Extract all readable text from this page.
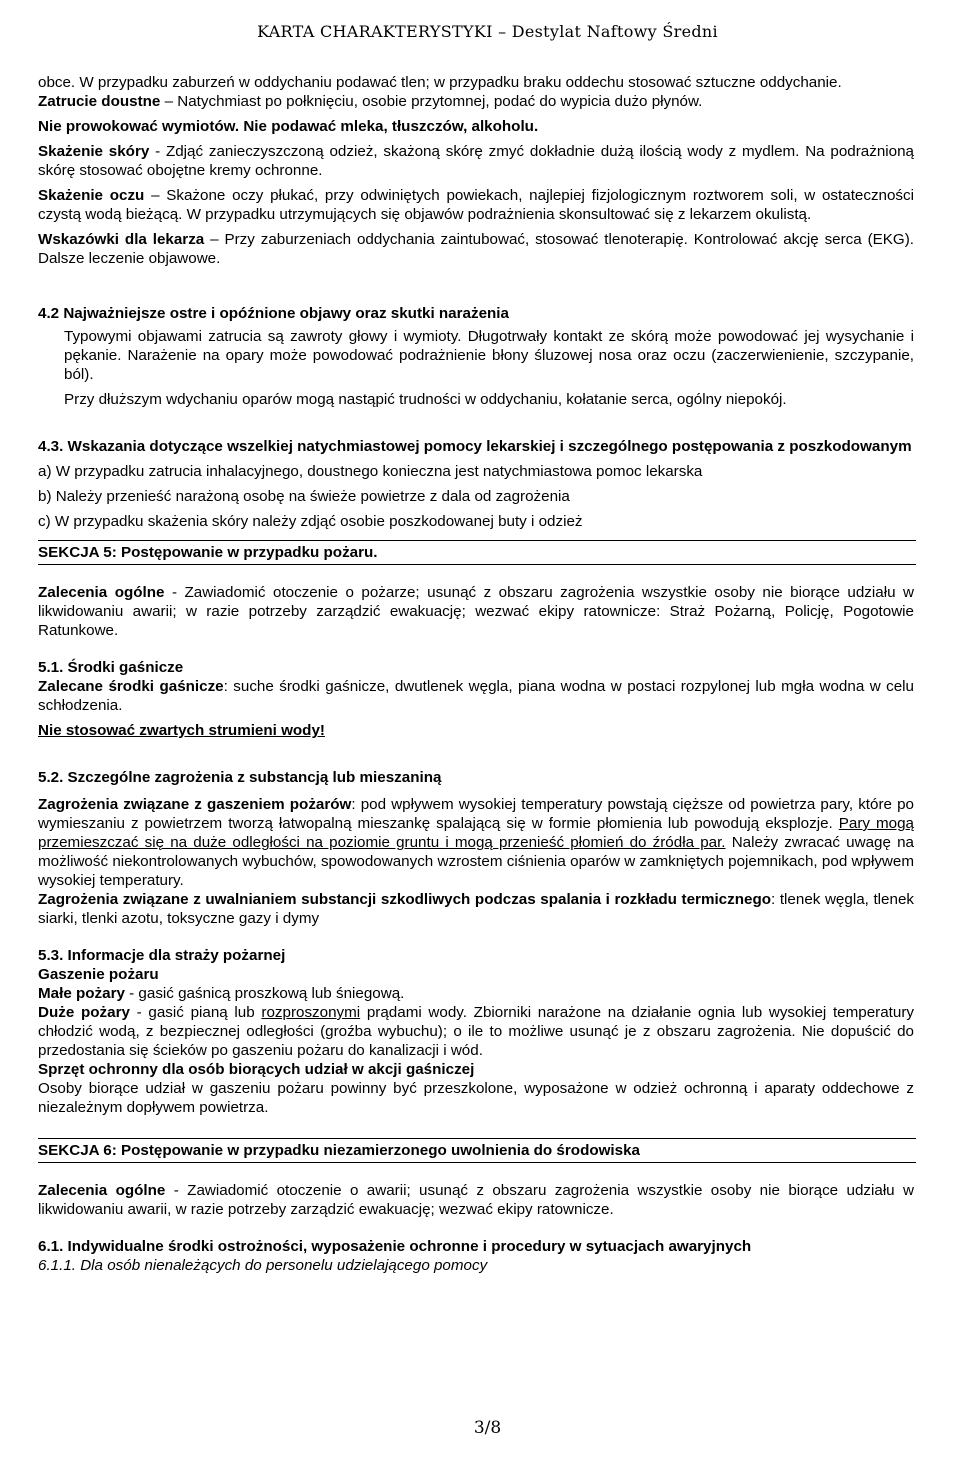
KARTA CHARAKTERYSTYKI – Destylat Naftowy Średni

obce. W przypadku zaburzeń w oddychaniu podawać tlen; w przypadku braku oddechu stosować sztuczne oddychanie.

Zatrucie doustne – Natychmiast po połknięciu, osobie przytomnej, podać do wypicia dużo płynów.

Nie prowokować wymiotów. Nie podawać mleka, tłuszczów, alkoholu.

Skażenie skóry - Zdjąć zanieczyszczoną odzież, skażoną skórę zmyć dokładnie dużą ilością wody z mydlem. Na podrażnioną skórę stosować obojętne kremy ochronne.

Skażenie oczu – Skażone oczy płukać, przy odwiniętych powiekach, najlepiej fizjologicznym roztworem soli, w ostateczności czystą wodą bieżącą. W przypadku utrzymujących się objawów podrażnienia skonsultować się z lekarzem okulistą.

Wskazówki dla lekarza – Przy zaburzeniach oddychania zaintubować, stosować tlenoterapię. Kontrolować akcję serca (EKG). Dalsze leczenie objawowe.

4.2 Najważniejsze ostre i opóźnione objawy oraz skutki narażenia

Typowymi objawami zatrucia są zawroty głowy i wymioty. Długotrwały kontakt ze skórą może powodować jej wysychanie i pękanie. Narażenie na opary może powodować podrażnienie błony śluzowej nosa oraz oczu (zaczerwienienie, szczypanie, ból).

Przy dłuższym wdychaniu oparów mogą nastąpić trudności w oddychaniu, kołatanie serca, ogólny niepokój.

4.3. Wskazania dotyczące wszelkiej natychmiastowej pomocy lekarskiej i szczególnego postępowania z poszkodowanym

a) W przypadku zatrucia inhalacyjnego, doustnego konieczna jest natychmiastowa pomoc lekarska

b) Należy przenieść narażoną osobę na świeże powietrze z dala od zagrożenia

c) W przypadku skażenia skóry należy zdjąć osobie poszkodowanej buty i odzież

SEKCJA 5: Postępowanie w przypadku pożaru.

Zalecenia ogólne - Zawiadomić otoczenie o pożarze; usunąć z obszaru zagrożenia wszystkie osoby nie biorące udziału w likwidowaniu awarii; w razie potrzeby zarządzić ewakuację; wezwać ekipy ratownicze: Straż Pożarną, Policję, Pogotowie Ratunkowe.

5.1. Środki gaśnicze

Zalecane środki gaśnicze: suche środki gaśnicze, dwutlenek węgla, piana wodna w postaci rozpylonej lub mgła wodna w celu schłodzenia.

Nie stosować zwartych strumieni wody!

5.2. Szczególne zagrożenia z substancją lub mieszaniną

Zagrożenia związane z gaszeniem pożarów: pod wpływem wysokiej temperatury powstają cięższe od powietrza pary, które po wymieszaniu z powietrzem tworzą łatwopalną mieszankę spalającą się w formie płomienia lub powodują eksplozje. Pary mogą przemieszczać się na duże odległości na poziomie gruntu i mogą przenieść płomień do źródła par. Należy zwracać uwagę na możliwość niekontrolowanych wybuchów, spowodowanych wzrostem ciśnienia oparów w zamkniętych pojemnikach, pod wpływem wysokiej temperatury.

Zagrożenia związane z uwalnianiem substancji szkodliwych podczas spalania i rozkładu termicznego: tlenek węgla, tlenek siarki, tlenki azotu, toksyczne gazy i dymy

5.3. Informacje dla straży pożarnej

Gaszenie pożaru

Małe pożary - gasić gaśnicą proszkową lub śniegową.

Duże pożary - gasić pianą lub rozproszonymi prądami wody. Zbiorniki narażone na działanie ognia lub wysokiej temperatury chłodzić wodą, z bezpiecznej odległości (groźba wybuchu); o ile to możliwe usunąć je z obszaru zagrożenia. Nie dopuścić do przedostania się ścieków po gaszeniu pożaru do kanalizacji i wód.

Sprzęt ochronny dla osób biorących udział w akcji gaśniczej

Osoby biorące udział w gaszeniu pożaru powinny być przeszkolone, wyposażone w odzież ochronną i aparaty oddechowe z niezależnym dopływem powietrza.

SEKCJA 6: Postępowanie w przypadku niezamierzonego uwolnienia do środowiska

Zalecenia ogólne - Zawiadomić otoczenie o awarii; usunąć z obszaru zagrożenia wszystkie osoby nie biorące udziału w likwidowaniu awarii, w razie potrzeby zarządzić ewakuację; wezwać ekipy ratownicze.

6.1. Indywidualne środki ostrożności, wyposażenie ochronne i procedury w sytuacjach awaryjnych

6.1.1. Dla osób nienależących do personelu udzielającego pomocy

3/8
